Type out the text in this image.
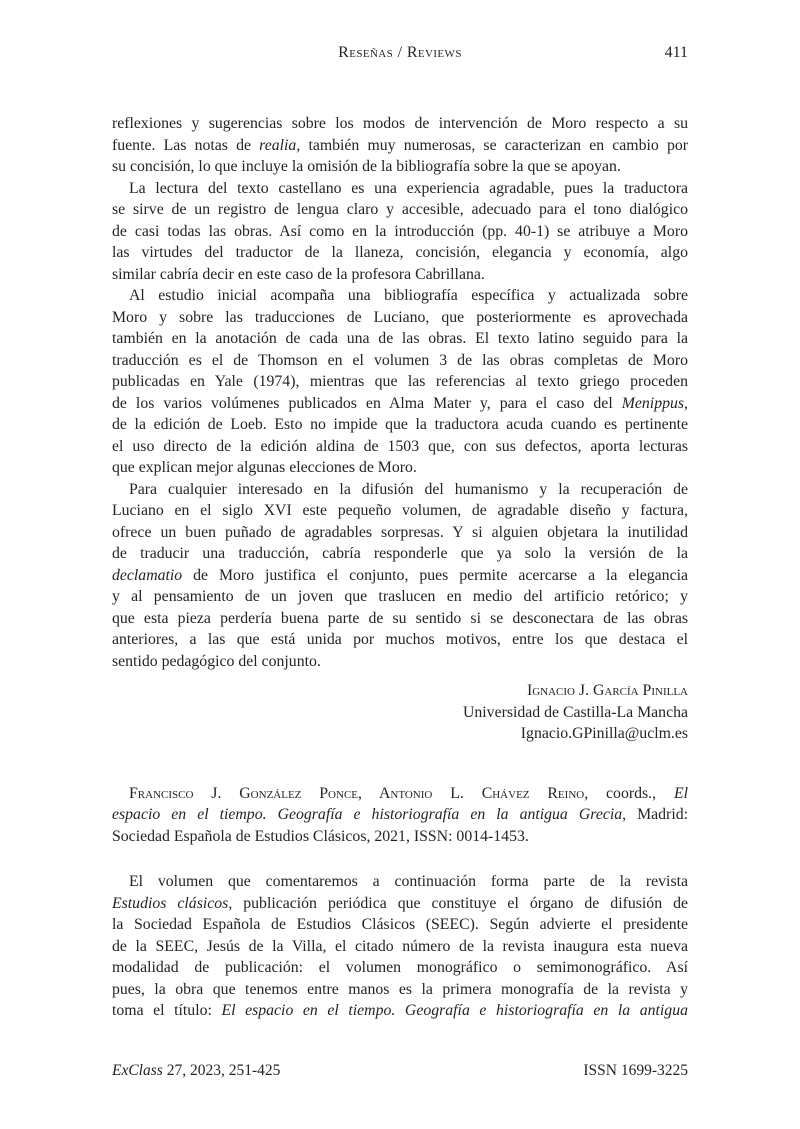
Reseñas / Reviews	411
reflexiones y sugerencias sobre los modos de intervención de Moro respecto a su
fuente. Las notas de realia, también muy numerosas, se caracterizan en cambio por
su concisión, lo que incluye la omisión de la bibliografía sobre la que se apoyan.
La lectura del texto castellano es una experiencia agradable, pues la traductora
se sirve de un registro de lengua claro y accesible, adecuado para el tono dialógico
de casi todas las obras. Así como en la introducción (pp. 40-1) se atribuye a Moro
las virtudes del traductor de la llaneza, concisión, elegancia y economía, algo
similar cabría decir en este caso de la profesora Cabrillana.
Al estudio inicial acompaña una bibliografía específica y actualizada sobre
Moro y sobre las traducciones de Luciano, que posteriormente es aprovechada
también en la anotación de cada una de las obras. El texto latino seguido para la
traducción es el de Thomson en el volumen 3 de las obras completas de Moro
publicadas en Yale (1974), mientras que las referencias al texto griego proceden
de los varios volúmenes publicados en Alma Mater y, para el caso del Menippus,
de la edición de Loeb. Esto no impide que la traductora acuda cuando es pertinente
el uso directo de la edición aldina de 1503 que, con sus defectos, aporta lecturas
que explican mejor algunas elecciones de Moro.
Para cualquier interesado en la difusión del humanismo y la recuperación de
Luciano en el siglo XVI este pequeño volumen, de agradable diseño y factura,
ofrece un buen puñado de agradables sorpresas. Y si alguien objetara la inutilidad
de traducir una traducción, cabría responderle que ya solo la versión de la
declamatio de Moro justifica el conjunto, pues permite acercarse a la elegancia
y al pensamiento de un joven que traslucen en medio del artificio retórico; y
que esta pieza perdería buena parte de su sentido si se desconectara de las obras
anteriores, a las que está unida por muchos motivos, entre los que destaca el
sentido pedagógico del conjunto.
Ignacio J. García Pinilla
Universidad de Castilla-La Mancha
Ignacio.GPinilla@uclm.es
Francisco J. González Ponce, Antonio L. Chávez Reino, coords., El
espacio en el tiempo. Geografía e historiografía en la antigua Grecia, Madrid:
Sociedad Española de Estudios Clásicos, 2021, ISSN: 0014-1453.
El volumen que comentaremos a continuación forma parte de la revista
Estudios clásicos, publicación periódica que constituye el órgano de difusión de
la Sociedad Española de Estudios Clásicos (SEEC). Según advierte el presidente
de la SEEC, Jesús de la Villa, el citado número de la revista inaugura esta nueva
modalidad de publicación: el volumen monográfico o semimonográfico. Así
pues, la obra que tenemos entre manos es la primera monografía de la revista y
toma el título: El espacio en el tiempo. Geografía e historiografía en la antigua
ExClass 27, 2023, 251-425	ISSN 1699-3225
